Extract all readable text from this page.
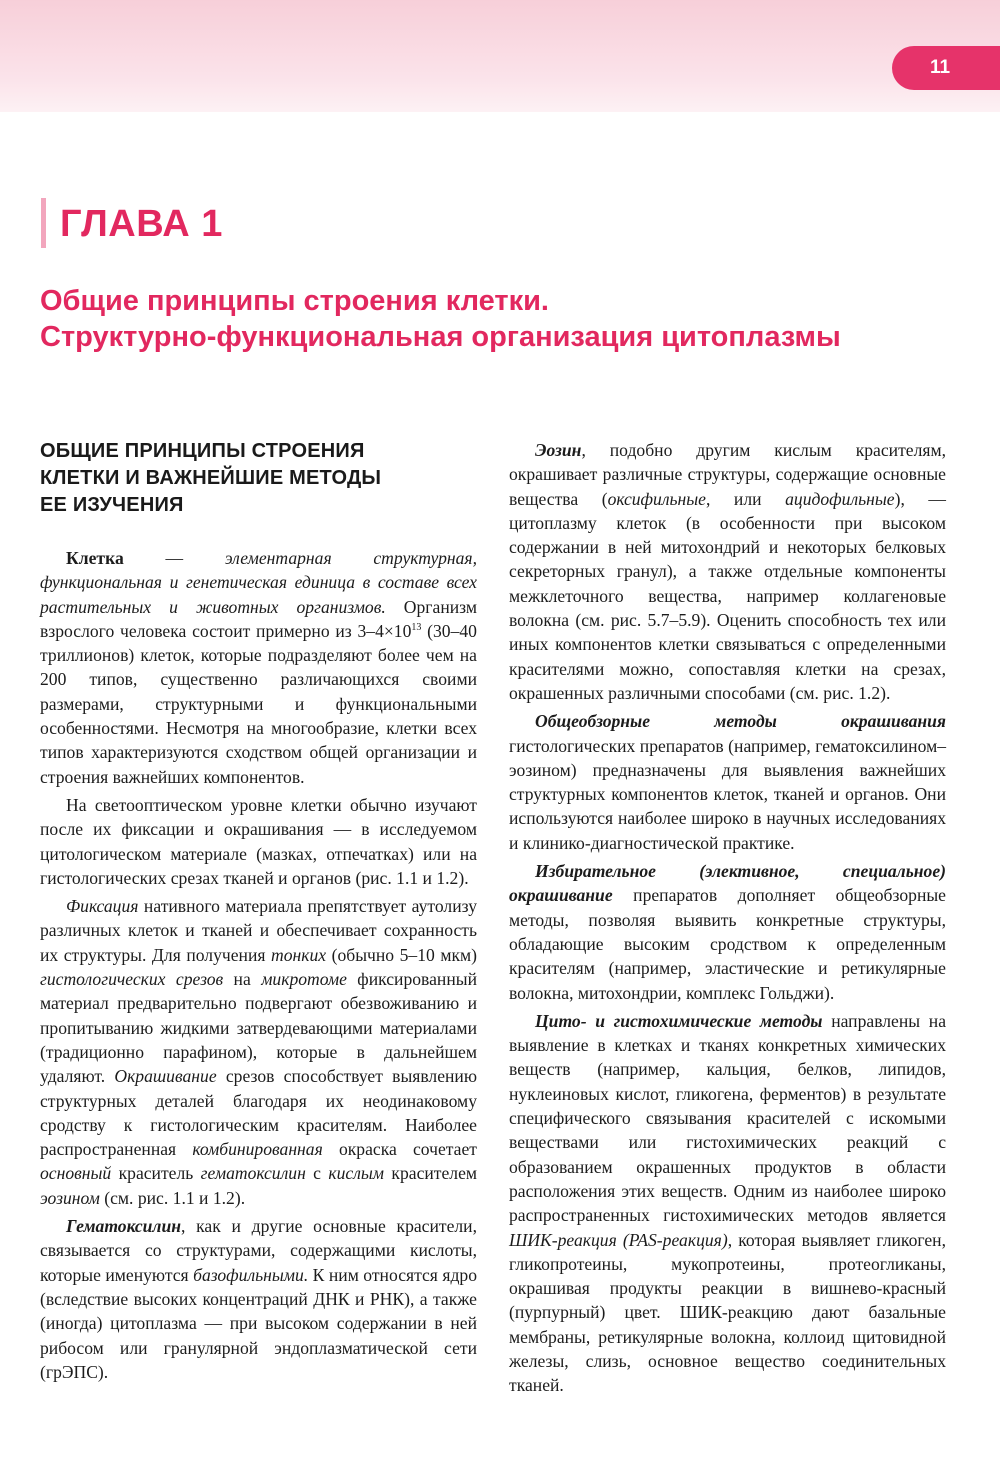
11
ГЛАВА 1
Общие принципы строения клетки.
Структурно-функциональная организация цитоплазмы
ОБЩИЕ ПРИНЦИПЫ СТРОЕНИЯ
КЛЕТКИ И ВАЖНЕЙШИЕ МЕТОДЫ
ЕЕ ИЗУЧЕНИЯ

Клетка — элементарная структурная, функциональная и генетическая единица в составе всех растительных и животных организмов. Организм взрослого человека состоит примерно из $3-4\times 10^{13}$ (30–40 триллионов) клеток, которые подразделяют более чем на 200 типов, существенно различающихся своими размерами, структурными и функциональными особенностями. Несмотря на многообразие, клетки всех типов характеризуются сходством общей организации и строения важнейших компонентов.

На светооптическом уровне клетки обычно изучают после их фиксации и окрашивания — в исследуемом цитологическом материале (мазках, отпечатках) или на гистологических срезах тканей и органов (рис. 1.1 и 1.2).

Фиксация нативного материала препятствует аутолизу различных клеток и тканей и обеспечивает сохранность их структуры. Для получения тонких (обычно 5–10 мкм) гистологических срезов на микротоме фиксированный материал предварительно подвергают обезвоживанию и пропитыванию жидкими затвердевающими материалами (традиционно парафином), которые в дальнейшем удаляют. Окрашивание срезов способствует выявлению структурных деталей благодаря их неодинаковому сродству к гистологическим красителям. Наиболее распространенная комбинированная окраска сочетает основный краситель гематоксилин с кислым красителем эозином (см. рис. 1.1 и 1.2).

Гематоксилин, как и другие основные красители, связывается со структурами, содержащими кислоты, которые именуются базофильными. К ним относятся ядро (вследствие высоких концентраций ДНК и РНК), а также (иногда) цитоплазма — при высоком содержании в ней рибосом или гранулярной эндоплазматической сети (грЭПС).

Эозин, подобно другим кислым красителям, окрашивает различные структуры, содержащие основные вещества (оксифильные, или ацидофильные), — цитоплазму клеток (в особенности при высоком содержании в ней митохондрий и некоторых белковых секреторных гранул), а также отдельные компоненты межклеточного вещества, например коллагеновые волокна (см. рис. 5.7–5.9). Оценить способность тех или иных компонентов клетки связываться с определенными красителями можно, сопоставляя клетки на срезах, окрашенных различными способами (см. рис. 1.2).

Общеобзорные методы окрашивания гистологических препаратов (например, гематоксилином–эозином) предназначены для выявления важнейших структурных компонентов клеток, тканей и органов. Они используются наиболее широко в научных исследованиях и клинико-диагностической практике.

Избирательное (элективное, специальное) окрашивание препаратов дополняет общеобзорные методы, позволяя выявить конкретные структуры, обладающие высоким сродством к определенным красителям (например, эластические и ретикулярные волокна, митохондрии, комплекс Гольджи).

Цито- и гистохимические методы направлены на выявление в клетках и тканях конкретных химических веществ (например, кальция, белков, липидов, нуклеиновых кислот, гликогена, ферментов) в результате специфического связывания красителей с искомыми веществами или гистохимических реакций с образованием окрашенных продуктов в области расположения этих веществ. Одним из наиболее широко распространенных гистохимических методов является ШИК-реакция (PAS-реакция), которая выявляет гликоген, гликопротеины, мукопротеины, протеогликаны, окрашивая продукты реакции в вишнево-красный (пурпурный) цвет. ШИК-реакцию дают базальные мембраны, ретикулярные волокна, коллоид щитовидной железы, слизь, основное вещество соединительных тканей.
